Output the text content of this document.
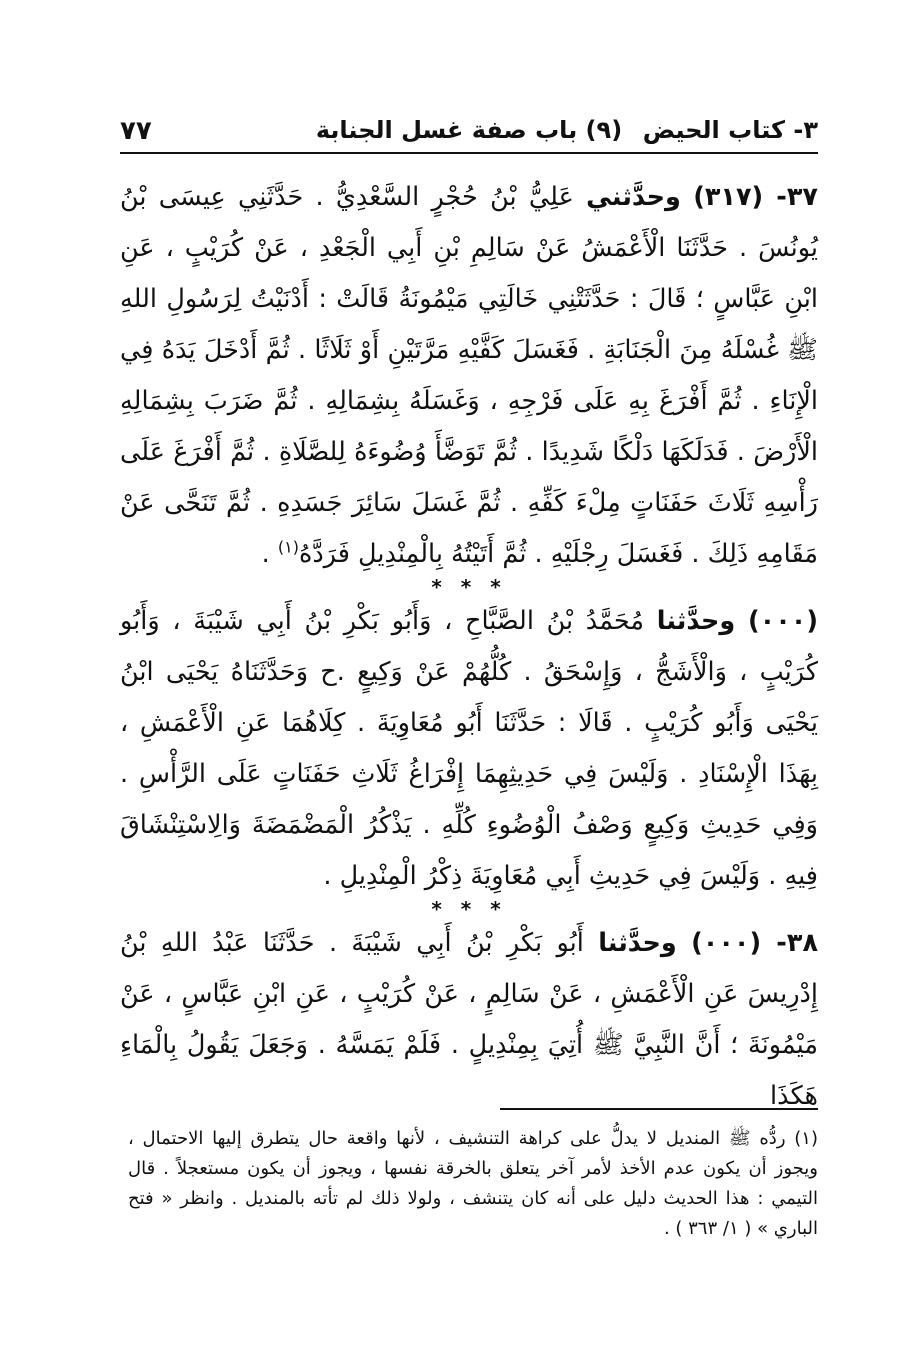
٣- كتاب الحيض
(٩) باب صفة غسل الجنابة
٧٧

٣٧- (٣١٧) وحدَّثني عَلِيُّ بْنُ حُجْرٍ السَّعْدِيُّ . حَدَّثَنِي عِيسَى بْنُ يُونُسَ . حَدَّثَنَا الْأَعْمَشُ عَنْ سَالِمِ بْنِ أَبِي الْجَعْدِ ، عَنْ كُرَيْبٍ ، عَنِ ابْنِ عَبَّاسٍ ؛ قَالَ : حَدَّثَتْنِي خَالَتِي مَيْمُونَةُ قَالَتْ : أَدْنَيْتُ لِرَسُولِ اللهِ ﷺ غُسْلَهُ مِنَ الْجَنَابَةِ . فَغَسَلَ كَفَّيْهِ مَرَّتَيْنِ أَوْ ثَلَاثًا . ثُمَّ أَدْخَلَ يَدَهُ فِي الْإِنَاءِ . ثُمَّ أَفْرَغَ بِهِ عَلَى فَرْجِهِ ، وَغَسَلَهُ بِشِمَالِهِ . ثُمَّ ضَرَبَ بِشِمَالِهِ الْأَرْضَ . فَدَلَكَهَا دَلْكًا شَدِيدًا . ثُمَّ تَوَضَّأَ وُضُوءَهُ لِلصَّلَاةِ . ثُمَّ أَفْرَغَ عَلَى رَأْسِهِ ثَلَاثَ حَفَنَاتٍ مِلْءَ كَفِّهِ . ثُمَّ غَسَلَ سَائِرَ جَسَدِهِ . ثُمَّ تَنَحَّى عَنْ مَقَامِهِ ذَلِكَ . فَغَسَلَ رِجْلَيْهِ . ثُمَّ أَتَيْتُهُ بِالْمِنْدِيلِ فَرَدَّهُ$^{(١)}$ .

* * *

(٠٠٠) وحدَّثنا مُحَمَّدُ بْنُ الصَّبَّاحِ ، وَأَبُو بَكْرِ بْنُ أَبِي شَيْبَةَ ، وَأَبُو كُرَيْبٍ ، وَالْأَشَجُّ ، وَإِسْحَقُ . كُلُّهُمْ عَنْ وَكِيعٍ .ح وَحَدَّثَنَاهُ يَحْيَى ابْنُ يَحْيَى وَأَبُو كُرَيْبٍ . قَالَا : حَدَّثَنَا أَبُو مُعَاوِيَةَ . كِلَاهُمَا عَنِ الْأَعْمَشِ ، بِهَذَا الْإِسْنَادِ . وَلَيْسَ فِي حَدِيثِهِمَا إِفْرَاغُ ثَلَاثِ حَفَنَاتٍ عَلَى الرَّأْسِ . وَفِي حَدِيثِ وَكِيعٍ وَصْفُ الْوُضُوءِ كُلِّهِ . يَذْكُرُ الْمَضْمَضَةَ وَالِاسْتِنْشَاقَ فِيهِ . وَلَيْسَ فِي حَدِيثِ أَبِي مُعَاوِيَةَ ذِكْرُ الْمِنْدِيلِ .

* * *

٣٨- (٠٠٠) وحدَّثنا أَبُو بَكْرِ بْنُ أَبِي شَيْبَةَ . حَدَّثَنَا عَبْدُ اللهِ بْنُ إِدْرِيسَ عَنِ الْأَعْمَشِ ، عَنْ سَالِمٍ ، عَنْ كُرَيْبٍ ، عَنِ ابْنِ عَبَّاسٍ ، عَنْ مَيْمُونَةَ ؛ أَنَّ النَّبِيَّ ﷺ أُتِيَ بِمِنْدِيلٍ . فَلَمْ يَمَسَّهُ . وَجَعَلَ يَقُولُ بِالْمَاءِ هَكَذَا

(١) ردُّه ﷺ المنديل لا يدلُّ على كراهة التنشيف ، لأنها واقعة حال يتطرق إليها الاحتمال ، ويجوز أن يكون عدم الأخذ لأمر آخر يتعلق بالخرقة نفسها ، ويجوز أن يكون مستعجلاً . قال التيمي : هذا الحديث دليل على أنه كان يتنشف ، ولولا ذلك لم تأته بالمنديل . وانظر « فتح الباري » ( ١/ ٣٦٣ ) .
